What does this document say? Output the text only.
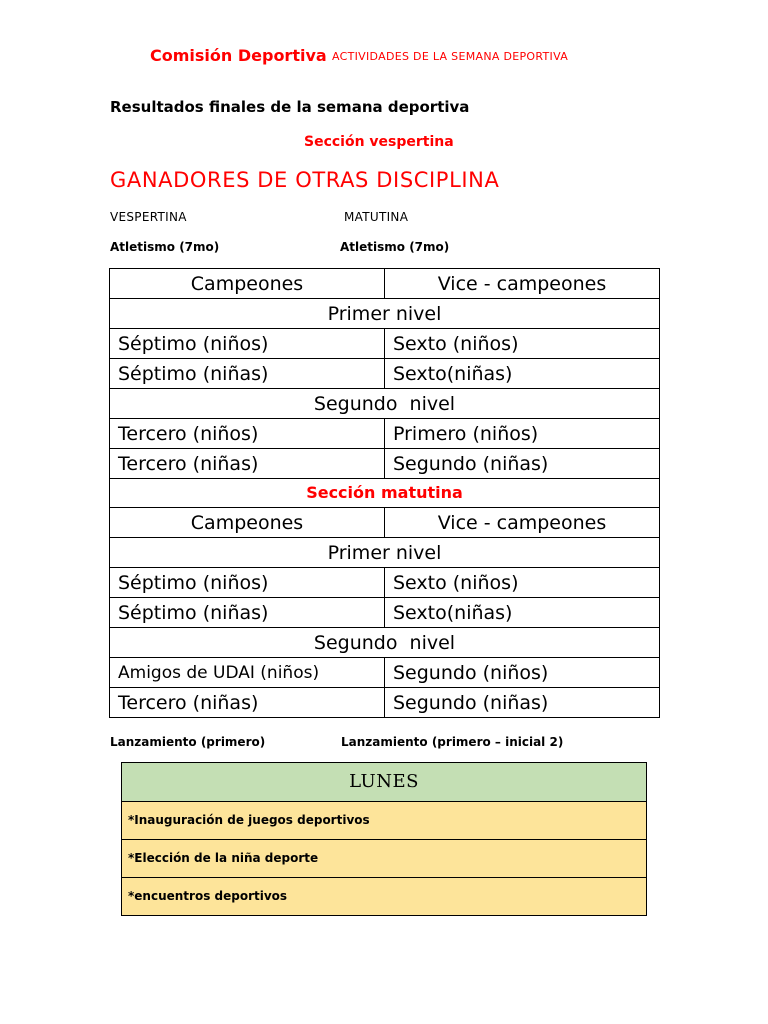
Comisión Deportiva ACTIVIDADES DE LA SEMANA DEPORTIVA
Resultados finales de la semana deportiva
Sección vespertina
GANADORES DE OTRAS DISCIPLINA
VESPERTINA	MATUTINA
Atletismo (7mo)	Atletismo (7mo)
Campeones	Vice - campeones
Primer nivel	
Séptimo (niños)	Sexto (niños)
Séptimo (niñas)	Sexto(niñas)
Segundo  nivel	
Tercero (niños)	Primero (niños)
Tercero (niñas)	Segundo (niñas)
Sección matutina	
Campeones	Vice - campeones
Primer nivel	
Séptimo (niños)	Sexto (niños)
Séptimo (niñas)	Sexto(niñas)
Segundo  nivel	
Amigos de UDAI (niños)	Segundo (niños)
Tercero (niñas)	Segundo (niñas)
Lanzamiento (primero)	Lanzamiento (primero – inicial 2)
LUNES
*Inauguración de juegos deportivos
*Elección de la niña deporte
*encuentros deportivos
